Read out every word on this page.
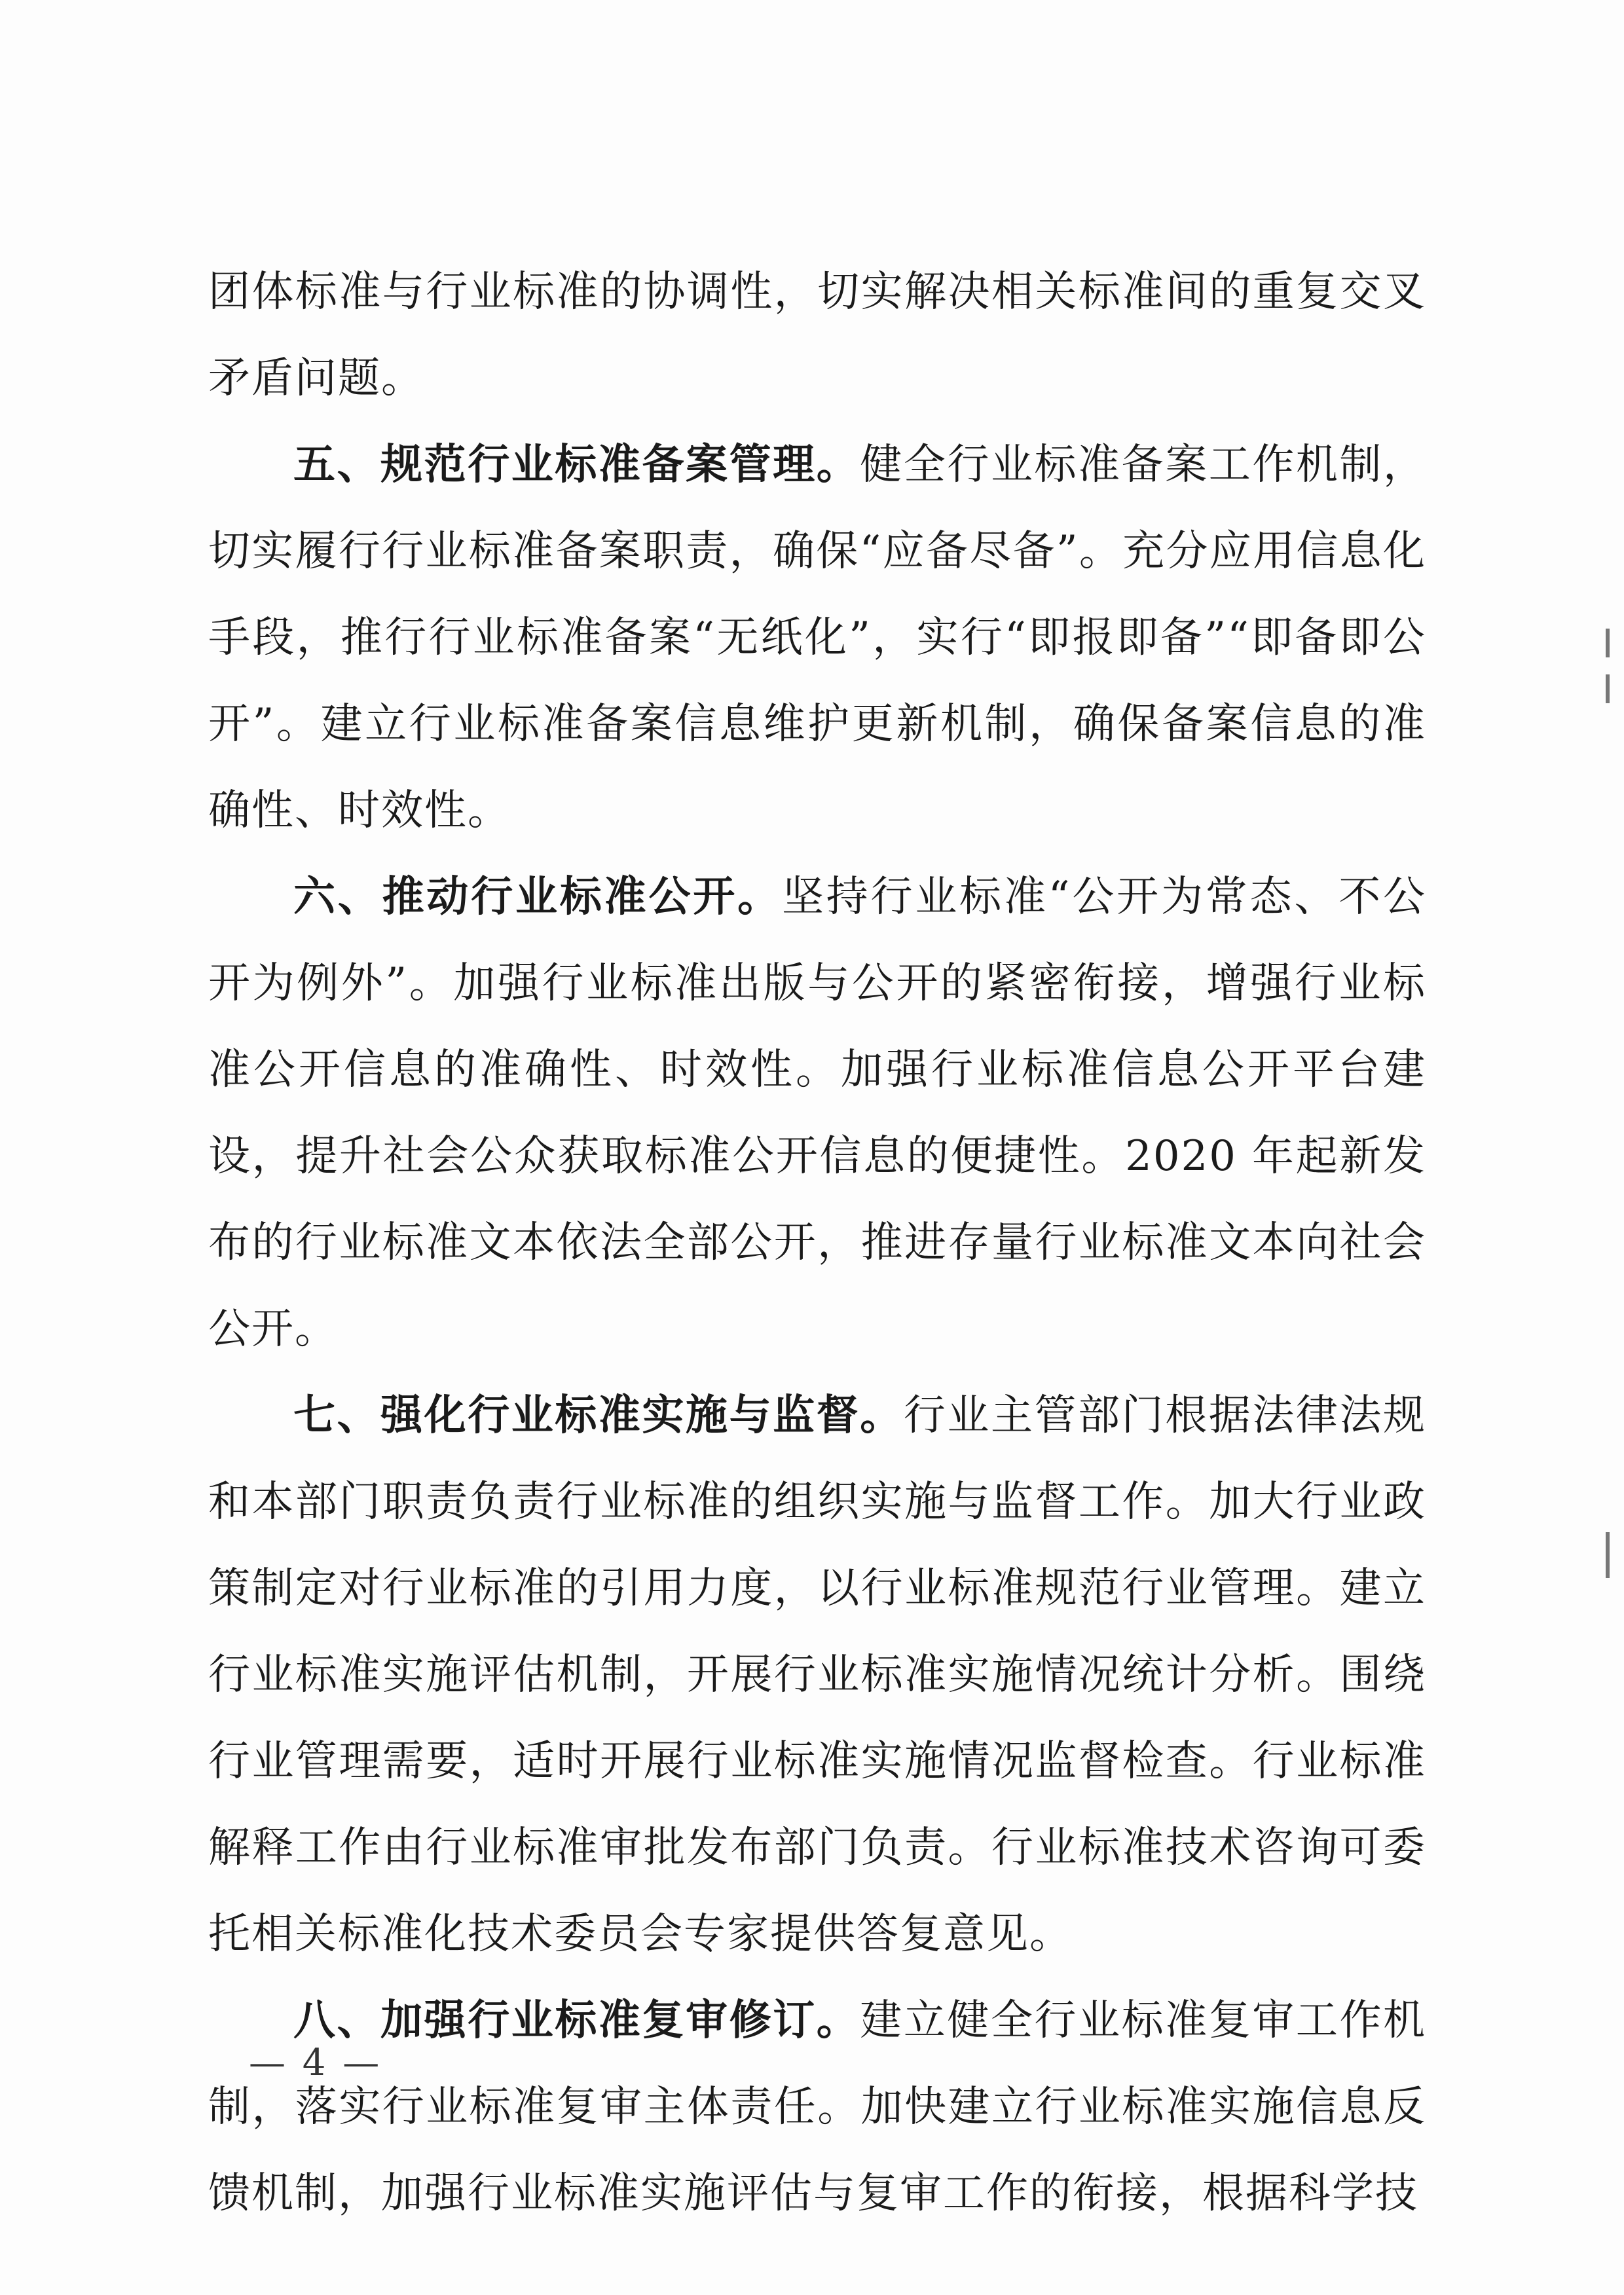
团体标准与行业标准的协调性，切实解决相关标准间的重复交叉矛盾问题。

五、规范行业标准备案管理。健全行业标准备案工作机制，切实履行行业标准备案职责，确保“应备尽备”。充分应用信息化手段，推行行业标准备案“无纸化”，实行“即报即备”“即备即公开”。建立行业标准备案信息维护更新机制，确保备案信息的准确性、时效性。

六、推动行业标准公开。坚持行业标准“公开为常态、不公开为例外”。加强行业标准出版与公开的紧密衔接，增强行业标准公开信息的准确性、时效性。加强行业标准信息公开平台建设，提升社会公众获取标准公开信息的便捷性。2020 年起新发布的行业标准文本依法全部公开，推进存量行业标准文本向社会公开。

七、强化行业标准实施与监督。行业主管部门根据法律法规和本部门职责负责行业标准的组织实施与监督工作。加大行业政策制定对行业标准的引用力度，以行业标准规范行业管理。建立行业标准实施评估机制，开展行业标准实施情况统计分析。围绕行业管理需要，适时开展行业标准实施情况监督检查。行业标准解释工作由行业标准审批发布部门负责。行业标准技术咨询可委托相关标准化技术委员会专家提供答复意见。

八、加强行业标准复审修订。建立健全行业标准复审工作机制，落实行业标准复审主体责任。加快建立行业标准实施信息反馈机制，加强行业标准实施评估与复审工作的衔接，根据科学技

— 4 —
